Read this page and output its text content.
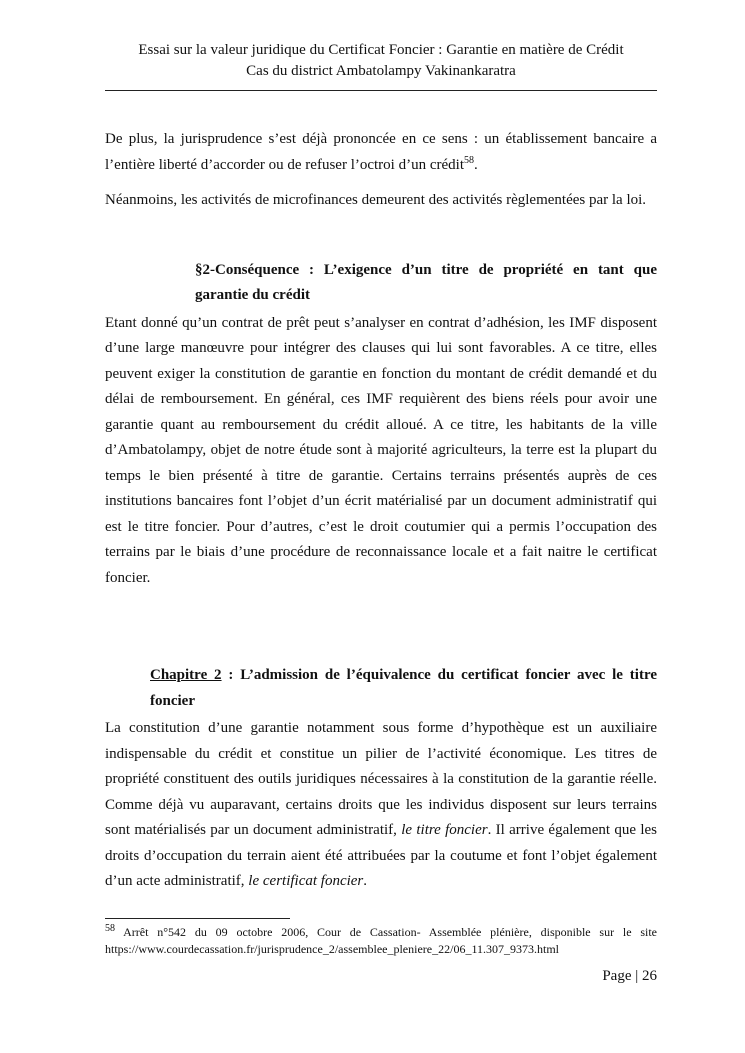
Essai sur la valeur juridique du Certificat Foncier : Garantie en matière de Crédit
Cas du district Ambatolampy Vakinankaratra

De plus, la jurisprudence s’est déjà prononcée en ce sens : un établissement bancaire a l’entière liberté d’accorder ou de refuser l’octroi d’un crédit$^{58}$.

Néanmoins, les activités de microfinances demeurent des activités règlementées par la loi.

§2-Conséquence : L’exigence d’un titre de propriété en tant que garantie du crédit

Etant donné qu’un contrat de prêt peut s’analyser en contrat d’adhésion, les IMF disposent d’une large manœuvre pour intégrer des clauses qui lui sont favorables. A ce titre, elles peuvent exiger la constitution de garantie en fonction du montant de crédit demandé et du délai de remboursement. En général, ces IMF requièrent des biens réels pour avoir une garantie quant au remboursement du crédit alloué. A ce titre, les habitants de la ville d’Ambatolampy, objet de notre étude sont à majorité agriculteurs, la terre est la plupart du temps le bien présenté à titre de garantie. Certains terrains présentés auprès de ces institutions bancaires font l’objet d’un écrit matérialisé par un document administratif qui est le titre foncier. Pour d’autres, c’est le droit coutumier qui a permis l’occupation des terrains par le biais d’une procédure de reconnaissance locale et a fait naitre le certificat foncier.

Chapitre 2 : L’admission de l’équivalence du certificat foncier avec le titre foncier

La constitution d’une garantie notamment sous forme d’hypothèque est un auxiliaire indispensable du crédit et constitue un pilier de l’activité économique. Les titres de propriété constituent des outils juridiques nécessaires à la constitution de la garantie réelle. Comme déjà vu auparavant, certains droits que les individus disposent sur leurs terrains sont matérialisés par un document administratif, le titre foncier. Il arrive également que les droits d’occupation du terrain aient été attribuées par la coutume et font l’objet également d’un acte administratif, le certificat foncier.

$^{58}$ Arrêt n°542 du 09 octobre 2006, Cour de Cassation- Assemblée plénière, disponible sur le site https://www.courdecassation.fr/jurisprudence_2/assemblee_pleniere_22/06_11.307_9373.html

Page | 26
